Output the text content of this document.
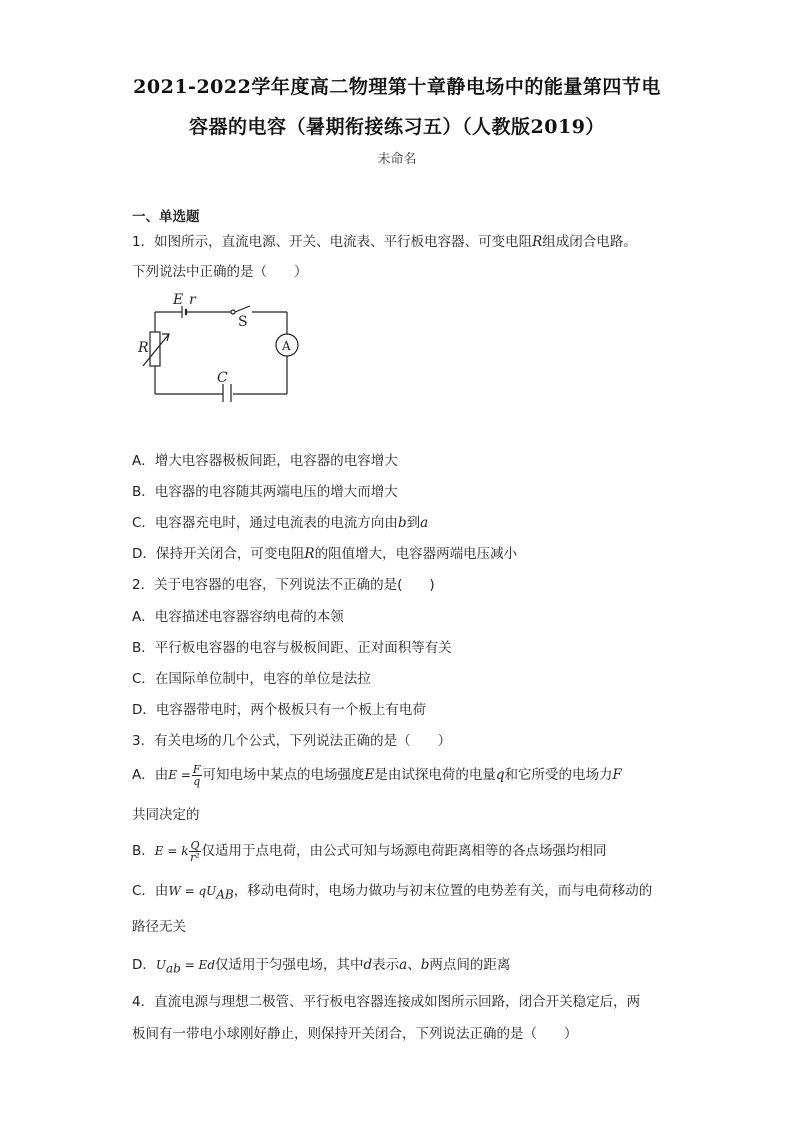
2021-2022学年度高二物理第十章静电场中的能量第四节电
容器的电容（暑期衔接练习五）（人教版2019）
未命名
一、单选题
1．如图所示，直流电源、开关、电流表、平行板电容器、可变电阻R组成闭合电路。
下列说法中正确的是（　　）
E r
S
A
R
C
A．增大电容器极板间距，电容器的电容增大
B．电容器的电容随其两端电压的增大而增大
C．电容器充电时，通过电流表的电流方向由b到a
D．保持开关闭合，可变电阻R的阻值增大，电容器两端电压减小
2．关于电容器的电容，下列说法不正确的是(　　)
A．电容描述电容器容纳电荷的本领
B．平行板电容器的电容与极板间距、正对面积等有关
C．在国际单位制中，电容的单位是法拉
D．电容器带电时，两个极板只有一个板上有电荷
3．有关电场的几个公式，下列说法正确的是（　　）
A．由$E = \frac{F}{q}$ 可知电场中某点的电场强度E是由试探电荷的电量q和它所受的电场力F
共同决定的
B．E = k $\frac{Q}{\text{r²}}$ 仅适用于点电荷，由公式可知与场源电荷距离相等的各点场强均相同
C．由W = qUAB，移动电荷时，电场力做功与初末位置的电势差有关，而与电荷移动的
路径无关
D．Uab = Ed仅适用于匀强电场，其中d表示a、b两点间的距离
4．直流电源与理想二极管、平行板电容器连接成如图所示回路，闭合开关稳定后，两
板间有一带电小球刚好静止，则保持开关闭合，下列说法正确的是（　　）
